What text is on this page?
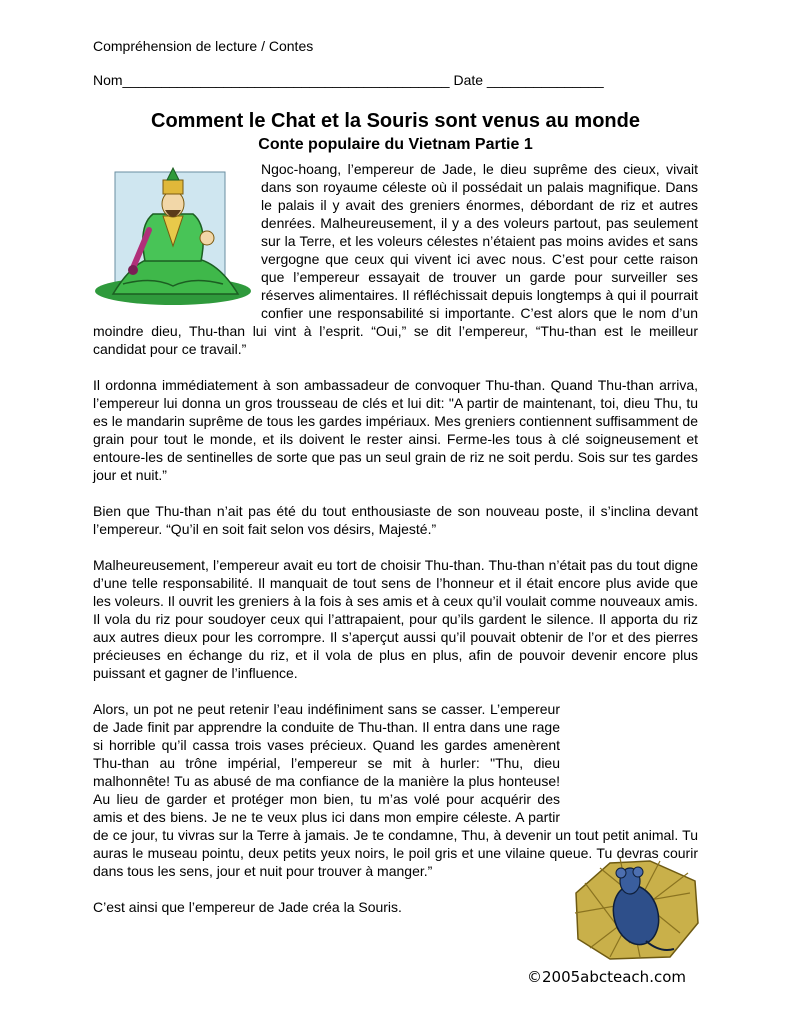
Compréhension de lecture / Contes
Nom__________________________________________ Date _______________
Comment le Chat et la Souris sont venus au monde
Conte populaire du Vietnam Partie 1

Ngoc-hoang, l’empereur de Jade, le dieu suprême des cieux, vivait dans son royaume céleste où il possédait un palais magnifique. Dans le palais il y avait des greniers énormes, débordant de riz et autres denrées. Malheureusement, il y a des voleurs partout, pas seulement sur la Terre, et les voleurs célestes n’étaient pas moins avides et sans vergogne que ceux qui vivent ici avec nous. C’est pour cette raison que l’empereur essayait de trouver un garde pour surveiller ses réserves alimentaires. Il réfléchissait depuis longtemps à qui il pourrait confier une responsabilité si importante. C’est alors que le nom d’un moindre dieu, Thu-than lui vint à l’esprit. “Oui,” se dit l’empereur, “Thu-than est le meilleur candidat pour ce travail.”

Il ordonna immédiatement à son ambassadeur de convoquer Thu-than. Quand Thu-than arriva, l’empereur lui donna un gros trousseau de clés et lui dit: "A partir de maintenant, toi, dieu Thu, tu es le mandarin suprême de tous les gardes impériaux. Mes greniers contiennent suffisamment de grain pour tout le monde, et ils doivent le rester ainsi. Ferme-les tous à clé soigneusement et entoure-les de sentinelles de sorte que pas un seul grain de riz ne soit perdu. Sois sur tes gardes jour et nuit.”

Bien que Thu-than n’ait pas été du tout enthousiaste de son nouveau poste, il s’inclina devant l’empereur. “Qu’il en soit fait selon vos désirs, Majesté.”

Malheureusement, l’empereur avait eu tort de choisir Thu-than. Thu-than n’était pas du tout digne d’une telle responsabilité. Il manquait de tout sens de l’honneur et il était encore plus avide que les voleurs. Il ouvrit les greniers à la fois à ses amis et à ceux qu’il voulait comme nouveaux amis. Il vola du riz pour soudoyer ceux qui l’attrapaient, pour qu’ils gardent le silence. Il apporta du riz aux autres dieux pour les corrompre. Il s’aperçut aussi qu’il pouvait obtenir de l’or et des pierres précieuses en échange du riz, et il vola de plus en plus, afin de pouvoir devenir encore plus puissant et gagner de l’influence.

Alors, un pot ne peut retenir l’eau indéfiniment sans se casser. L’empereur de Jade finit par apprendre la conduite de Thu-than. Il entra dans une rage si horrible qu’il cassa trois vases précieux. Quand les gardes amenèrent Thu-than au trône impérial, l’empereur se mit à hurler: "Thu, dieu malhonnête! Tu as abusé de ma confiance de la manière la plus honteuse! Au lieu de garder et protéger mon bien, tu m’as volé pour acquérir des amis et des biens. Je ne te veux plus ici dans mon empire céleste. A partir de ce jour, tu vivras sur la Terre à jamais. Je te condamne, Thu, à devenir un tout petit animal. Tu auras le museau pointu, deux petits yeux noirs, le poil gris et une vilaine queue. Tu devras courir dans tous les sens, jour et nuit pour trouver à manger.”

C’est ainsi que l’empereur de Jade créa la Souris.

©2005abcteach.com
